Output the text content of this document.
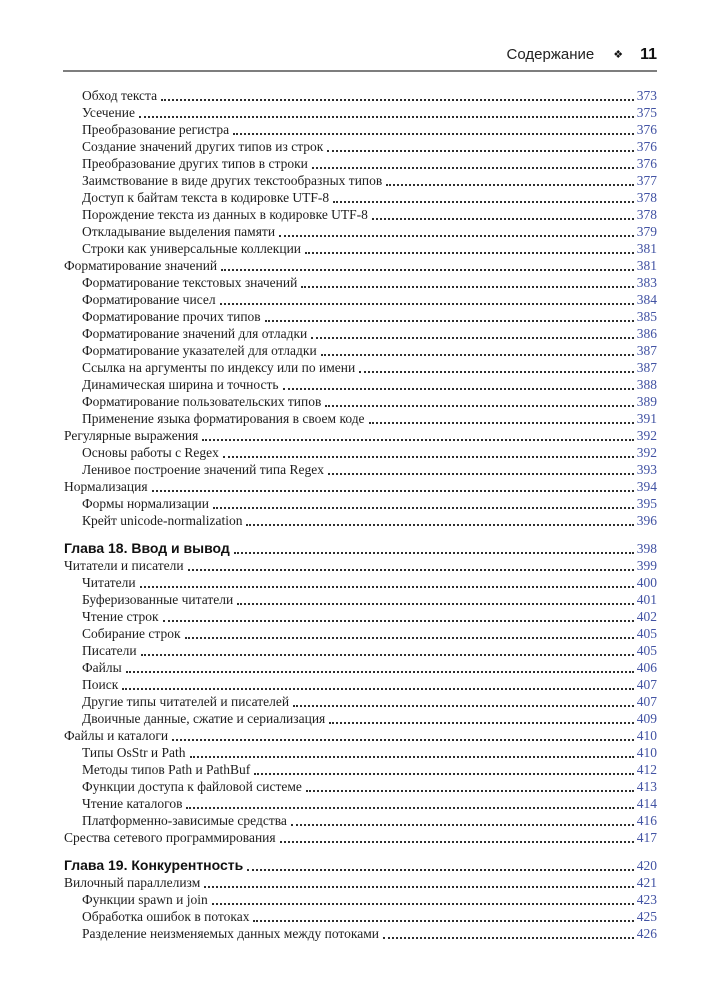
Содержание ❖ 11
Обход текста	373
Усечение	375
Преобразование регистра	376
Создание значений других типов из строк	376
Преобразование других типов в строки	376
Заимствование в виде других текстообразных типов	377
Доступ к байтам текста в кодировке UTF-8	378
Порождение текста из данных в кодировке UTF-8	378
Откладывание выделения памяти	379
Строки как универсальные коллекции	381
Форматирование значений	381
Форматирование текстовых значений	383
Форматирование чисел	384
Форматирование прочих типов	385
Форматирование значений для отладки	386
Форматирование указателей для отладки	387
Ссылка на аргументы по индексу или по имени	387
Динамическая ширина и точность	388
Форматирование пользовательских типов	389
Применение языка форматирования в своем коде	391
Регулярные выражения	392
Основы работы с Regex	392
Ленивое построение значений типа Regex	393
Нормализация	394
Формы нормализации	395
Крейт unicode-normalization	396
Глава 18. Ввод и вывод	398
Читатели и писатели	399
Читатели	400
Буферизованные читатели	401
Чтение строк	402
Собирание строк	405
Писатели	405
Файлы	406
Поиск	407
Другие типы читателей и писателей	407
Двоичные данные, сжатие и сериализация	409
Файлы и каталоги	410
Типы OsStr и Path	410
Методы типов Path и PathBuf	412
Функции доступа к файловой системе	413
Чтение каталогов	414
Платформенно-зависимые средства	416
Срества сетевого программирования	417
Глава 19. Конкурентность	420
Вилочный параллелизм	421
Функции spawn и join	423
Обработка ошибок в потоках	425
Разделение неизменяемых данных между потоками	426
